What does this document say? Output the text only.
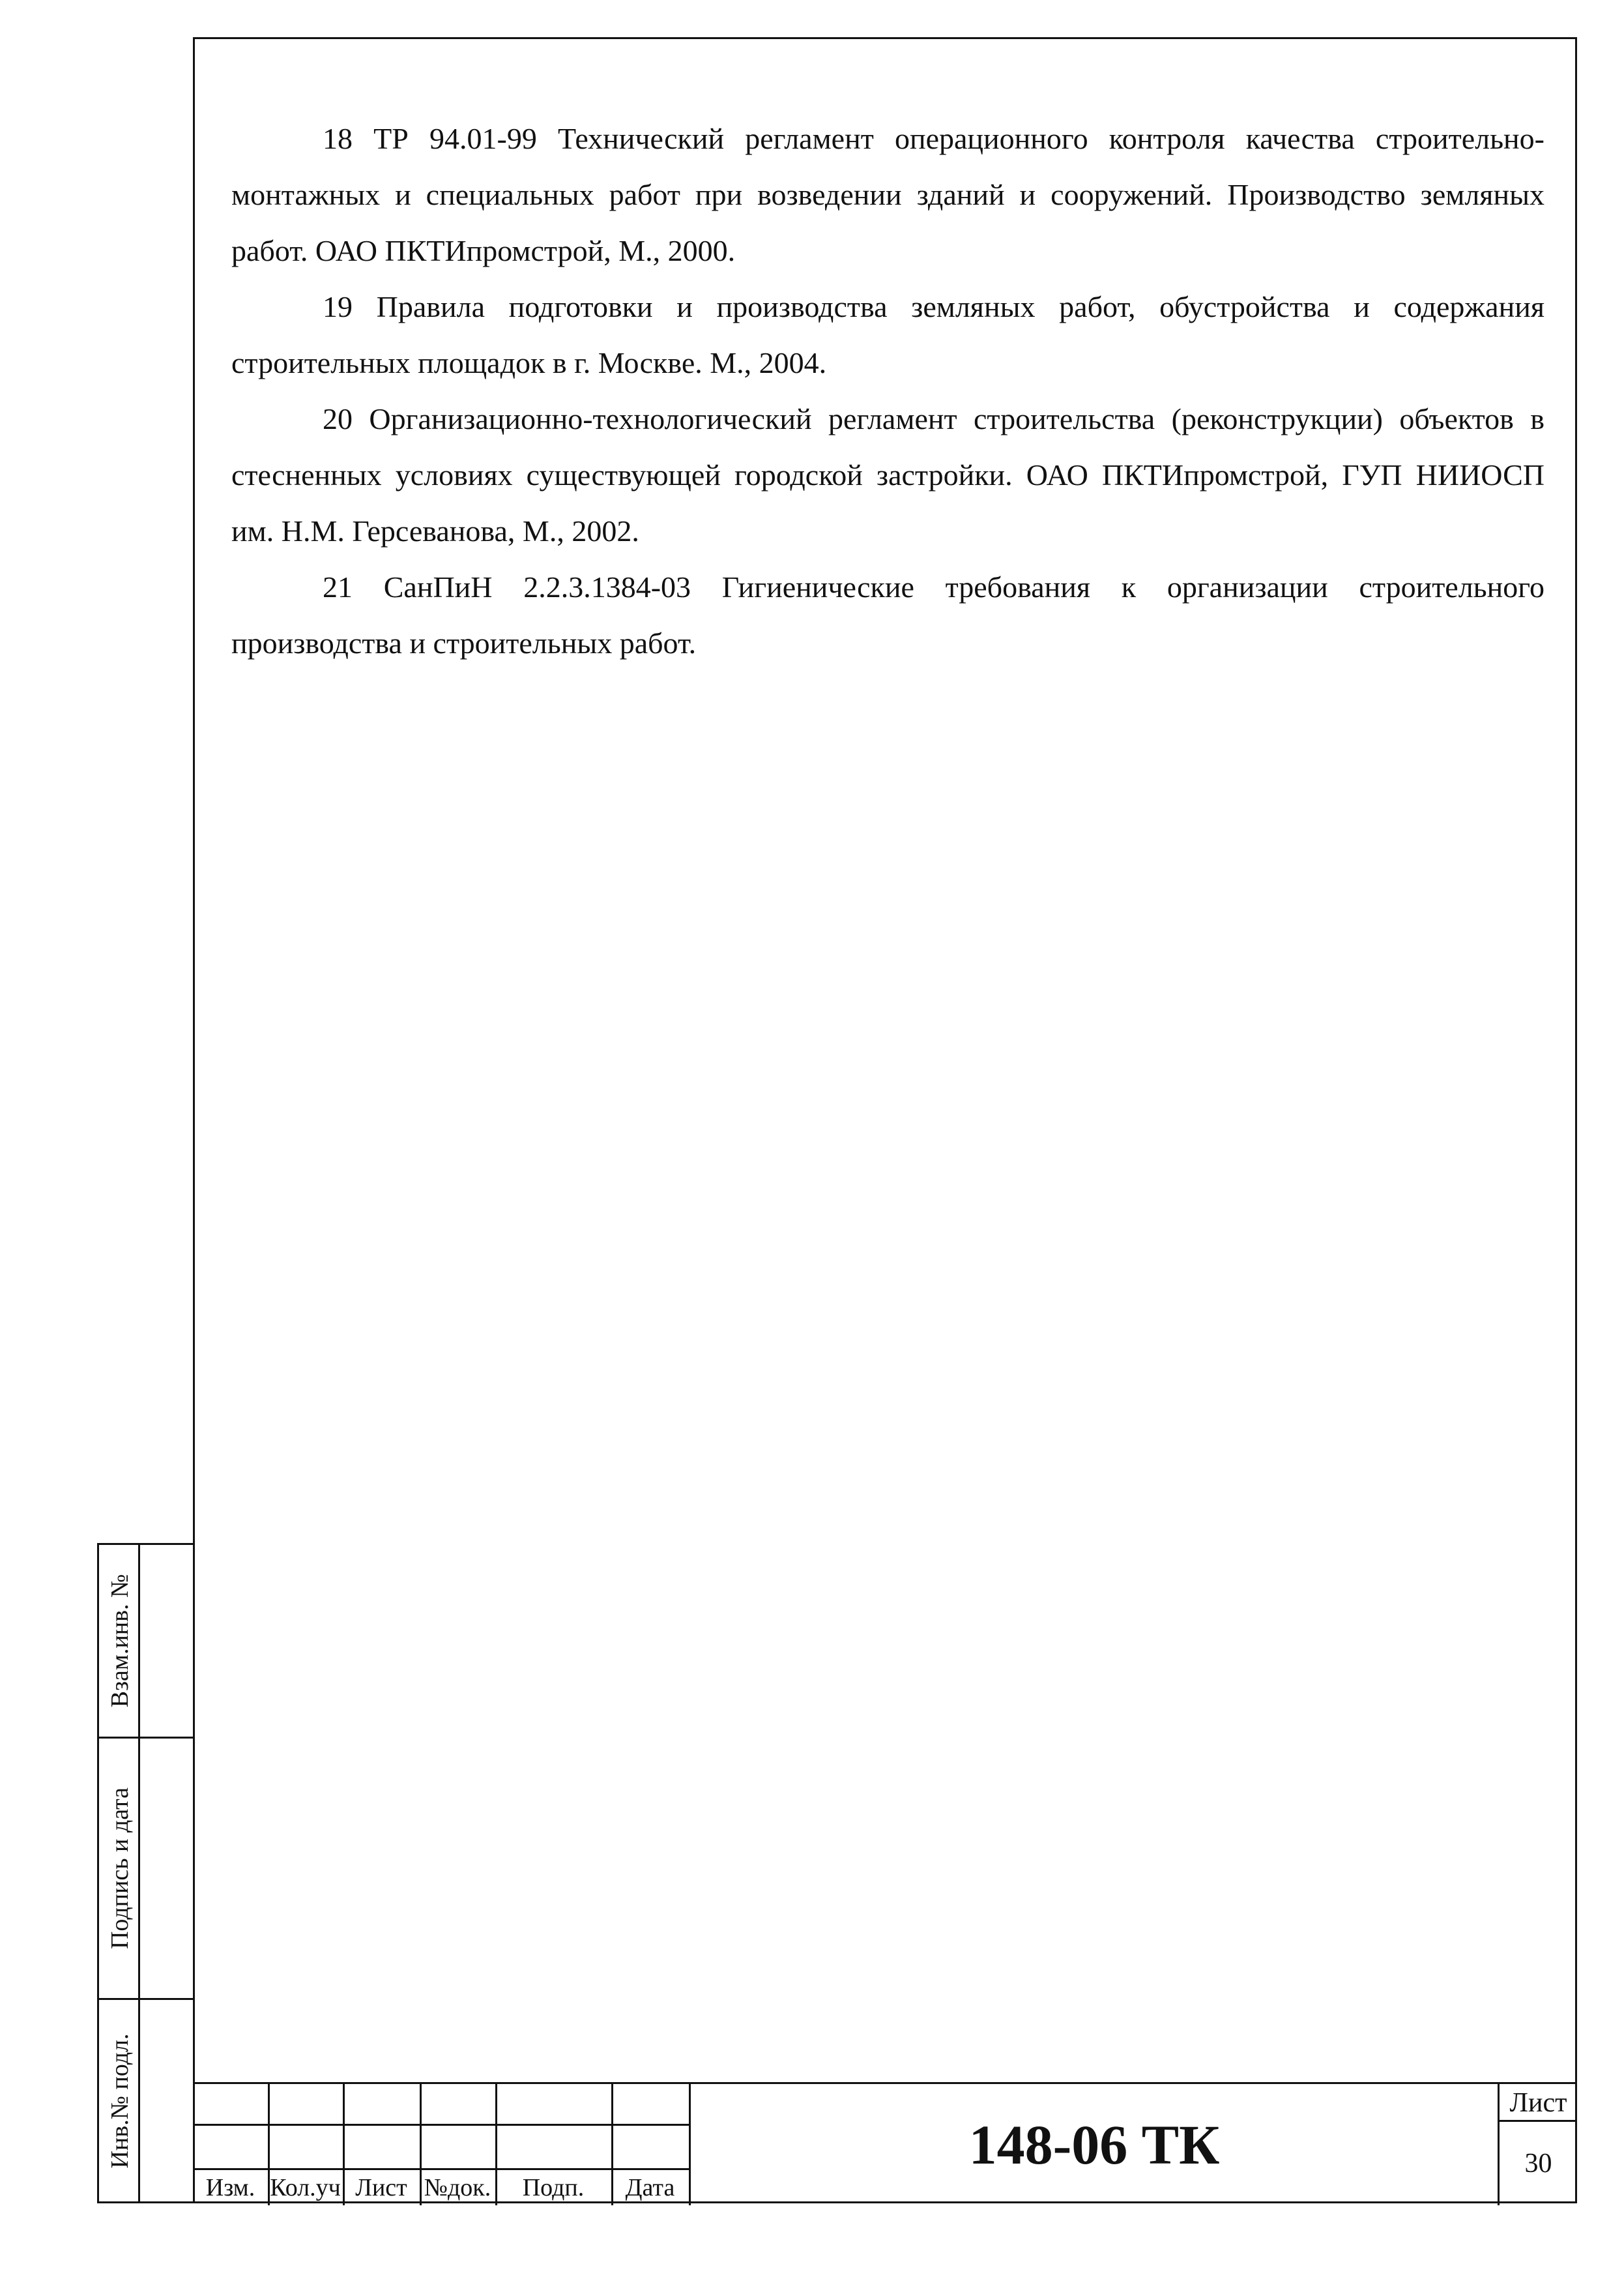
18 ТР 94.01-99 Технический регламент операционного контроля качества строительно-монтажных и специальных работ при возведении зданий и сооружений. Производство земляных работ. ОАО ПКТИпромстрой, М., 2000.

19 Правила подготовки и производства земляных работ, обустройства и содержания строительных площадок в г. Москве. М., 2004.

20 Организационно-технологический регламент строительства (реконструкции) объектов в стесненных условиях существующей городской застройки. ОАО ПКТИпромстрой, ГУП НИИОСП им. Н.М. Герсеванова, М., 2002.

21 СанПиН 2.2.3.1384-03 Гигиенические требования к организации строительного производства и строительных работ.

Взам.инв. №
Подпись и дата
Инв.№ подл.
Изм. Кол.уч Лист №док.	Подп.	Дата
148-06 ТК
Лист
30
